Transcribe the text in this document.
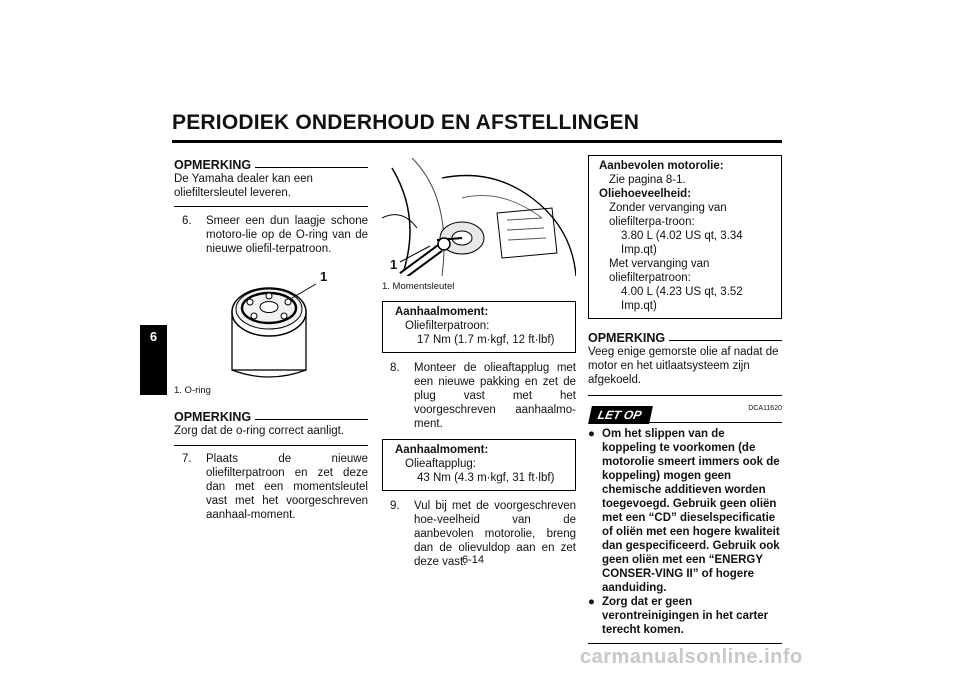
PERIODIEK ONDERHOUD EN AFSTELLINGEN
6
OPMERKING
De Yamaha dealer kan een oliefiltersleutel leveren.
6.	Smeer een dun laagje schone motoro-lie op de O-ring van de nieuwe oliefil-terpatroon.
1
1. O-ring
OPMERKING
Zorg dat de o-ring correct aanligt.
7.	Plaats de nieuwe oliefilterpatroon en zet deze dan met een momentsleutel vast met het voorgeschreven aanhaal-moment.
1
1. Momentsleutel
Aanhaalmoment:
Oliefilterpatroon:
17 Nm (1.7 m·kgf, 12 ft·lbf)
8.	Monteer de olieaftapplug met een nieuwe pakking en zet de plug vast met het voorgeschreven aanhaalmo-ment.
Aanhaalmoment:
Olieaftapplug:
43 Nm (4.3 m·kgf, 31 ft·lbf)
9.	Vul bij met de voorgeschreven hoe-veelheid van de aanbevolen motorolie, breng dan de olievuldop aan en zet deze vast.
Aanbevolen motorolie:
Zie pagina 8-1.
Oliehoeveelheid:
Zonder vervanging van oliefilterpa-troon:
3.80 L (4.02 US qt, 3.34 Imp.qt)
Met vervanging van oliefilterpatroon:
4.00 L (4.23 US qt, 3.52 Imp.qt)
OPMERKING
Veeg enige gemorste olie af nadat de motor en het uitlaatsysteem zijn afgekoeld.
DCA11620
LET OP
● Om het slippen van de koppeling te voorkomen (de motorolie smeert immers ook de koppeling) mogen geen chemische additieven worden toegevoegd. Gebruik geen oliën met een “CD” dieselspecificatie of oliën met een hogere kwaliteit dan gespecificeerd. Gebruik ook geen oliën met een “ENERGY CONSER-VING II” of hogere aanduiding.
● Zorg dat er geen verontreinigingen in het carter terecht komen.
6-14
carmanualsonline.info
